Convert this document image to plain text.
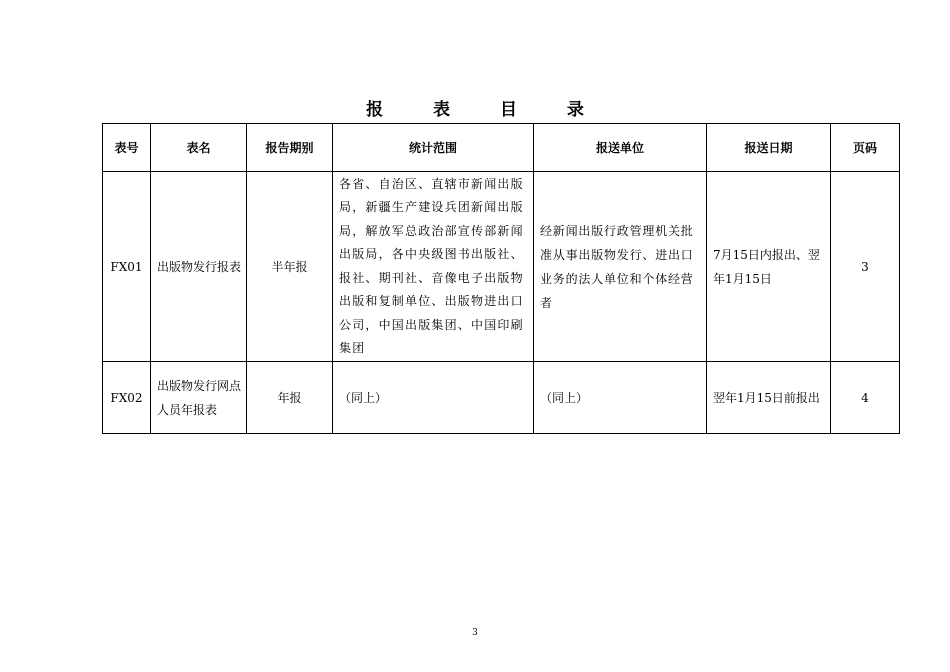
报 表 目 录
表号	表名	报告期别	统计范围	报送单位	报送日期	页码
FX01	出版物发行报表	半年报	各省、自治区、直辖市新闻出版局，新疆生产建设兵团新闻出版局，解放军总政治部宣传部新闻出版局，各中央级图书出版社、报社、期刊社、音像电子出版物出版和复制单位、出版物进出口公司，中国出版集团、中国印刷集团	经新闻出版行政管理机关批准从事出版物发行、进出口业务的法人单位和个体经营者	7月15日内报出、翌年1月15日	3
FX02	出版物发行网点人员年报表	年报	（同上）	（同上）	翌年1月15日前报出	4
3
